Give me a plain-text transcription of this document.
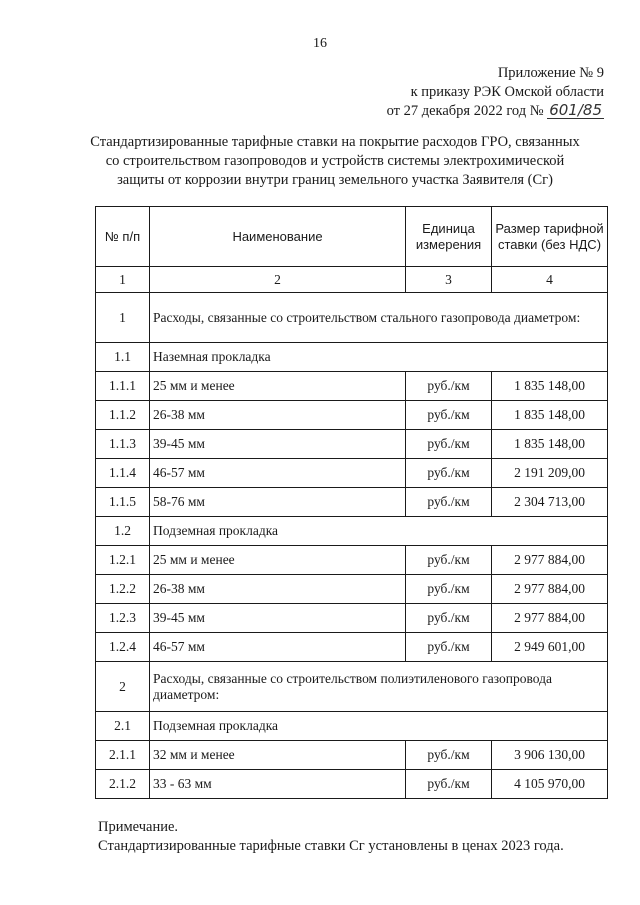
16
Приложение № 9
к приказу РЭК Омской области
от 27 декабря 2022 год № 601/85
Стандартизированные тарифные ставки на покрытие расходов ГРО, связанных
со строительством газопроводов и устройств системы электрохимической
защиты от коррозии внутри границ земельного участка Заявителя (Сг)
№ п/п	Наименование	Единица измерения	Размер тарифной ставки (без НДС)
1	2	3	4
1	Расходы, связанные со строительством стального газопровода диаметром:		
1.1	Наземная прокладка		
1.1.1	25 мм и менее	руб./км	1 835 148,00
1.1.2	26-38 мм	руб./км	1 835 148,00
1.1.3	39-45 мм	руб./км	1 835 148,00
1.1.4	46-57 мм	руб./км	2 191 209,00
1.1.5	58-76 мм	руб./км	2 304 713,00
1.2	Подземная прокладка		
1.2.1	25 мм и менее	руб./км	2 977 884,00
1.2.2	26-38 мм	руб./км	2 977 884,00
1.2.3	39-45 мм	руб./км	2 977 884,00
1.2.4	46-57 мм	руб./км	2 949 601,00
2	Расходы, связанные со строительством полиэтиленового газопровода диаметром:		
2.1	Подземная прокладка		
2.1.1	32 мм и менее	руб./км	3 906 130,00
2.1.2	33 - 63 мм	руб./км	4 105 970,00
Примечание.
Стандартизированные тарифные ставки Сг установлены в ценах 2023 года.
